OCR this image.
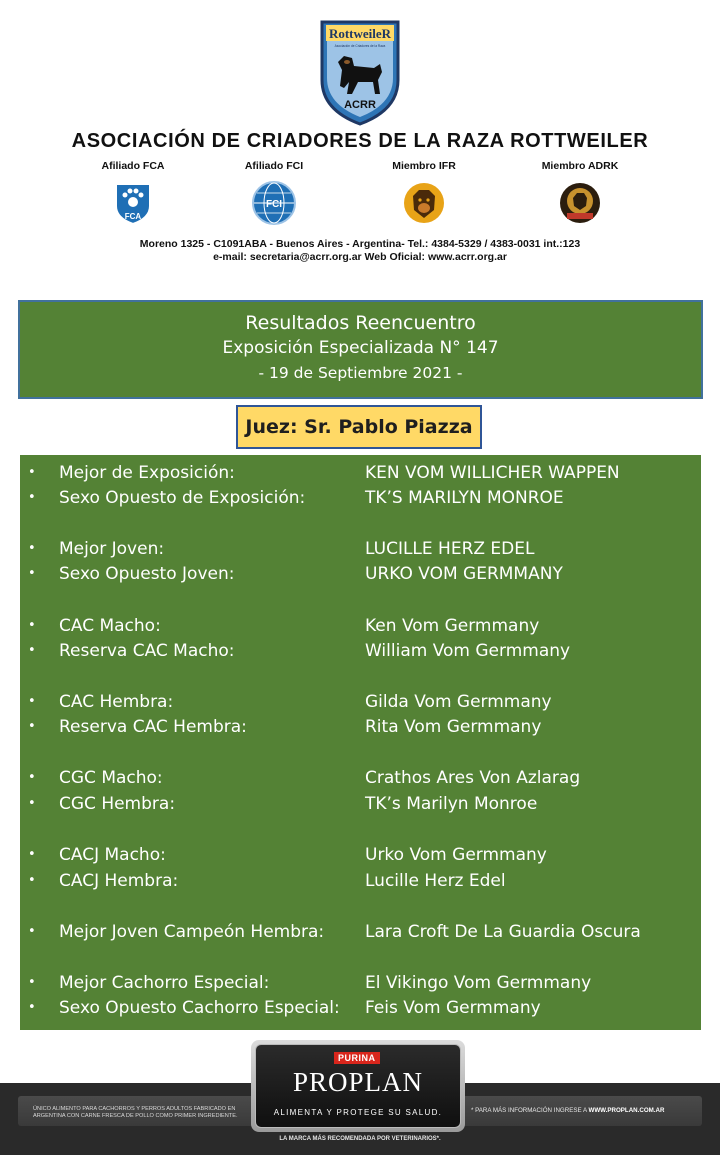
RottweileR
Asociación de Criadores de la Raza
ACRR
ASOCIACIÓN DE CRIADORES DE LA RAZA ROTTWEILER
Afiliado FCA
FCA
Afiliado FCI
FCI
Miembro IFR	Miembro ADRK
Moreno 1325 - C1091ABA - Buenos Aires - Argentina- Tel.: 4384-5329 / 4383-0031 int.:123
e-mail: secretaria@acrr.org.ar Web Oficial: www.acrr.org.ar
Resultados Reencuentro
Exposición Especializada N° 147
- 19 de Septiembre 2021 -
Juez: Sr. Pablo Piazza
• Mejor de Exposición:	KEN VOM WILLICHER WAPPEN
• Sexo Opuesto de Exposición:	TK’S MARILYN MONROE
• Mejor Joven:	LUCILLE HERZ EDEL
• Sexo Opuesto Joven:	URKO VOM GERMMANY
• CAC Macho:	Ken Vom Germmany
• Reserva CAC Macho:	William Vom Germmany
• CAC Hembra:	Gilda Vom Germmany
• Reserva CAC Hembra:	Rita Vom Germmany
• CGC Macho:	Crathos Ares Von Azlarag
• CGC Hembra:	TK’s Marilyn Monroe
• CACJ Macho:	Urko Vom Germmany
• CACJ Hembra:	Lucille Herz Edel
• Mejor Joven Campeón Hembra: Lara Croft De La Guardia Oscura
• Mejor Cachorro Especial:	El Vikingo Vom Germmany
• Sexo Opuesto Cachorro Especial: Feis Vom Germmany
ÚNICO ALIMENTO PARA CACHORROS Y PERROS ADULTOS FABRICADO EN ARGENTINA CON CARNE FRESCA DE POLLO COMO PRIMER INGREDIENTE.
* PARA MÁS INFORMACIÓN INGRESE A WWW.PROPLAN.COM.AR
LA MARCA MÁS RECOMENDADA POR VETERINARIOS*.
PURINA
PROPLAN
ALIMENTA Y PROTEGE SU SALUD.
